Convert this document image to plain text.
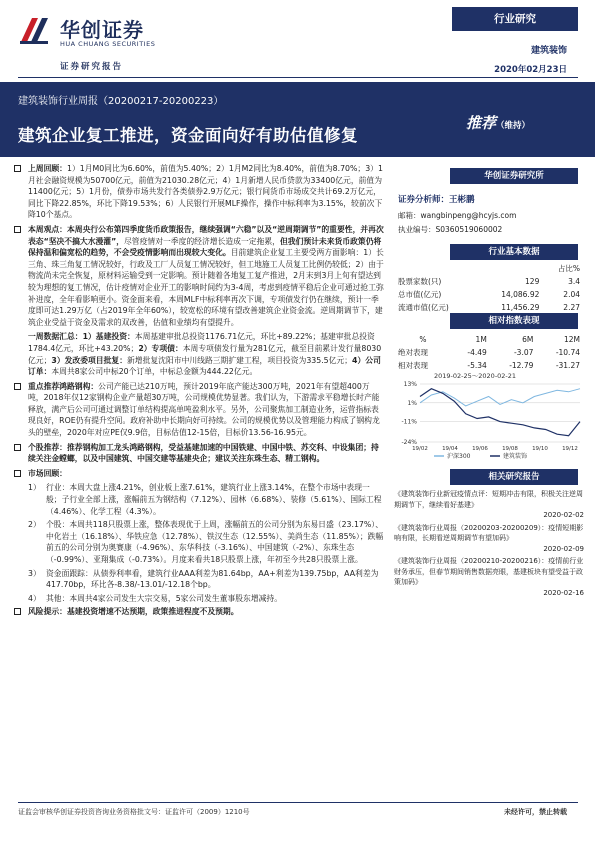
华创证券
HUA CHUANG SECURITIES
证券研究报告
行业研究
建筑装饰
2020年02月23日
建筑装饰行业周报（20200217-20200223）
建筑企业复工推进，资金面向好有助估值修复
推荐（维持）
上周回顾：1）1月M0同比为6.60%，前值为5.40%；2）1月M2同比为8.40%，前值为8.70%；3）1月社会融资规模为50700亿元，前值为21030.28亿元；4）1月新增人民币贷款为33400亿元，前值为11400亿元；5）1月份，债券市场共发行各类债券2.9万亿元；银行间货币市场成交共计69.2万亿元，同比下降22.85%，环比下降19.53%；6）人民银行开展MLF操作，操作中标利率为3.15%，较前次下降10个基点。
本周观点：本周央行公布第四季度货币政策报告，继续强调“六稳”以及“逆周期调节”的重要性，并再次表态“坚决不搞大水漫灌”，尽管疫情对一季度的经济增长造成一定拖累，但我们预计未来货币政策仍将保持温和偏宽松的趋势，不会受疫情影响而出现较大变化。目前建筑企业复工主要受两方面影响：1）长三角、珠三角复工情况较好，行政及工厂人员复工情况较好，但工地施工人员复工比例仍较低；2）由于物流尚未完全恢复，原材料运输受到一定影响。预计随着各地复工复产推进，2月末到3月上旬有望达到较为理想的复工情况，估计疫情对企业开工的影响时间约为3-4周，考虑到疫情平稳后企业可通过抢工弥补进度，全年看影响更小。资金面来看，本周MLF中标利率再次下调，专项债发行仍在继续，预计一季度即可达1.29万亿（占2019年全年60%），较宽松的环境有望改善建筑企业资金流。逆周期调节下，建筑企业受益于资金及需求的双改善，估值和业绩均有望提升。
一周数据汇总：1）基建投资：本周基建审批总投资1176.71亿元，环比+89.22%；基建审批总投资1784.4亿元，环比+43.20%；2）专项债：本周专项债发行量为281亿元，截至目前累计发行量8030亿元；3）发改委项目批复：新增批复沈阳市中川线路三期扩建工程，项目投资为335.5亿元；4）公司订单：本周共8家公司中标20个订单，中标总金额为444.22亿元。
重点推荐鸿路钢构：公司产能已达210万吨，预计2019年底产能达300万吨，2021年有望超400万吨，2018年仅12家钢构企业产量超30万吨，公司规模优势显著。我们认为，下游需求平稳增长时产能释放，满产后公司可通过调整订单结构提高单吨盈利水平。另外，公司聚焦加工制造业务，运营指标表现良好，ROE仍有提升空间。政府补助中长期向好可持续。公司的规模优势以及管理能力构成了钢构龙头的壁垒，2020年对应PE仅9.9倍，目标估值12-15倍，目标价13.56-16.95元。
个股推荐：推荐钢构加工龙头鸿路钢构，受益基建加速的中国铁建、中国中铁、苏交科、中设集团；持续关注金螳螂，以及中国建筑、中国交建等基建央企；建议关注东珠生态、精工钢构。
市场回顾：
1） 行业：本周大盘上涨4.21%，创业板上涨7.61%，建筑行业上涨3.14%，在整个市场中表现一般；子行业全部上涨，涨幅前五为钢结构（7.12%）、园林（6.68%）、装修（5.61%）、国际工程（4.46%）、化学工程（4.3%）。
2） 个股：本周共118只股票上涨，整体表现优于上周，涨幅前五的公司分别为东易日盛（23.17%）、中化岩土（16.18%）、华铁应急（12.78%）、铁汉生态（12.55%）、美尚生态（11.85%）；跌幅前五的公司分别为奥赛康（-4.96%）、东华科技（-3.16%）、中国建筑（-2%）、东珠生态（-0.99%）、亚翔集成（-0.73%）。月度来看共18只股票上涨，年初至今共28只股票上涨。
3） 资金面跟踪：从债券利率看，建筑行业AAA利差为81.64bp，AA+利差为139.75bp，AA利差为417.70bp，环比各-8.38/-13.01/-12.18个bp。
4） 其他：本周共4家公司发生大宗交易，5家公司发生董事股东增减持。
风险提示：基建投资增速不达预期，政策推进程度不及预期。
华创证券研究所
证券分析师：王彬鹏
邮箱：wangbinpeng@hcyjs.com
执业编号：S0360519060002
行业基本数据
		占比%
股票家数(只)	129	3.4
总市值(亿元)	14,086.92	2.04
流通市值(亿元)	11,456.29	2.27
相对指数表现
%	1M	6M	12M
绝对表现	-4.49	-3.07	-10.74
相对表现	-5.34	-12.79	-31.27
2019-02-25～2020-02-21
13%
1%
-11%
-24%
19/02	19/04	19/06	19/08	19/10	19/12
沪深300	建筑装饰
相关研究报告
《建筑装饰行业新冠疫情点评：短期冲击有限，积极关注逆周期调节下，继续看好基建》
2020-02-02
《建筑装饰行业周报（20200203-20200209）：疫情短期影响有限，长期看逆周期调节有望加码》
2020-02-09
《建筑装饰行业周报（20200210-20200216）：疫情前行业财务承压，但春节期间销售数据亮眼，基建板块有望受益于政策加码》
2020-02-16
证监会审核华创证券投资咨询业务资格批文号：证监许可（2009）1210号	未经许可，禁止转载
